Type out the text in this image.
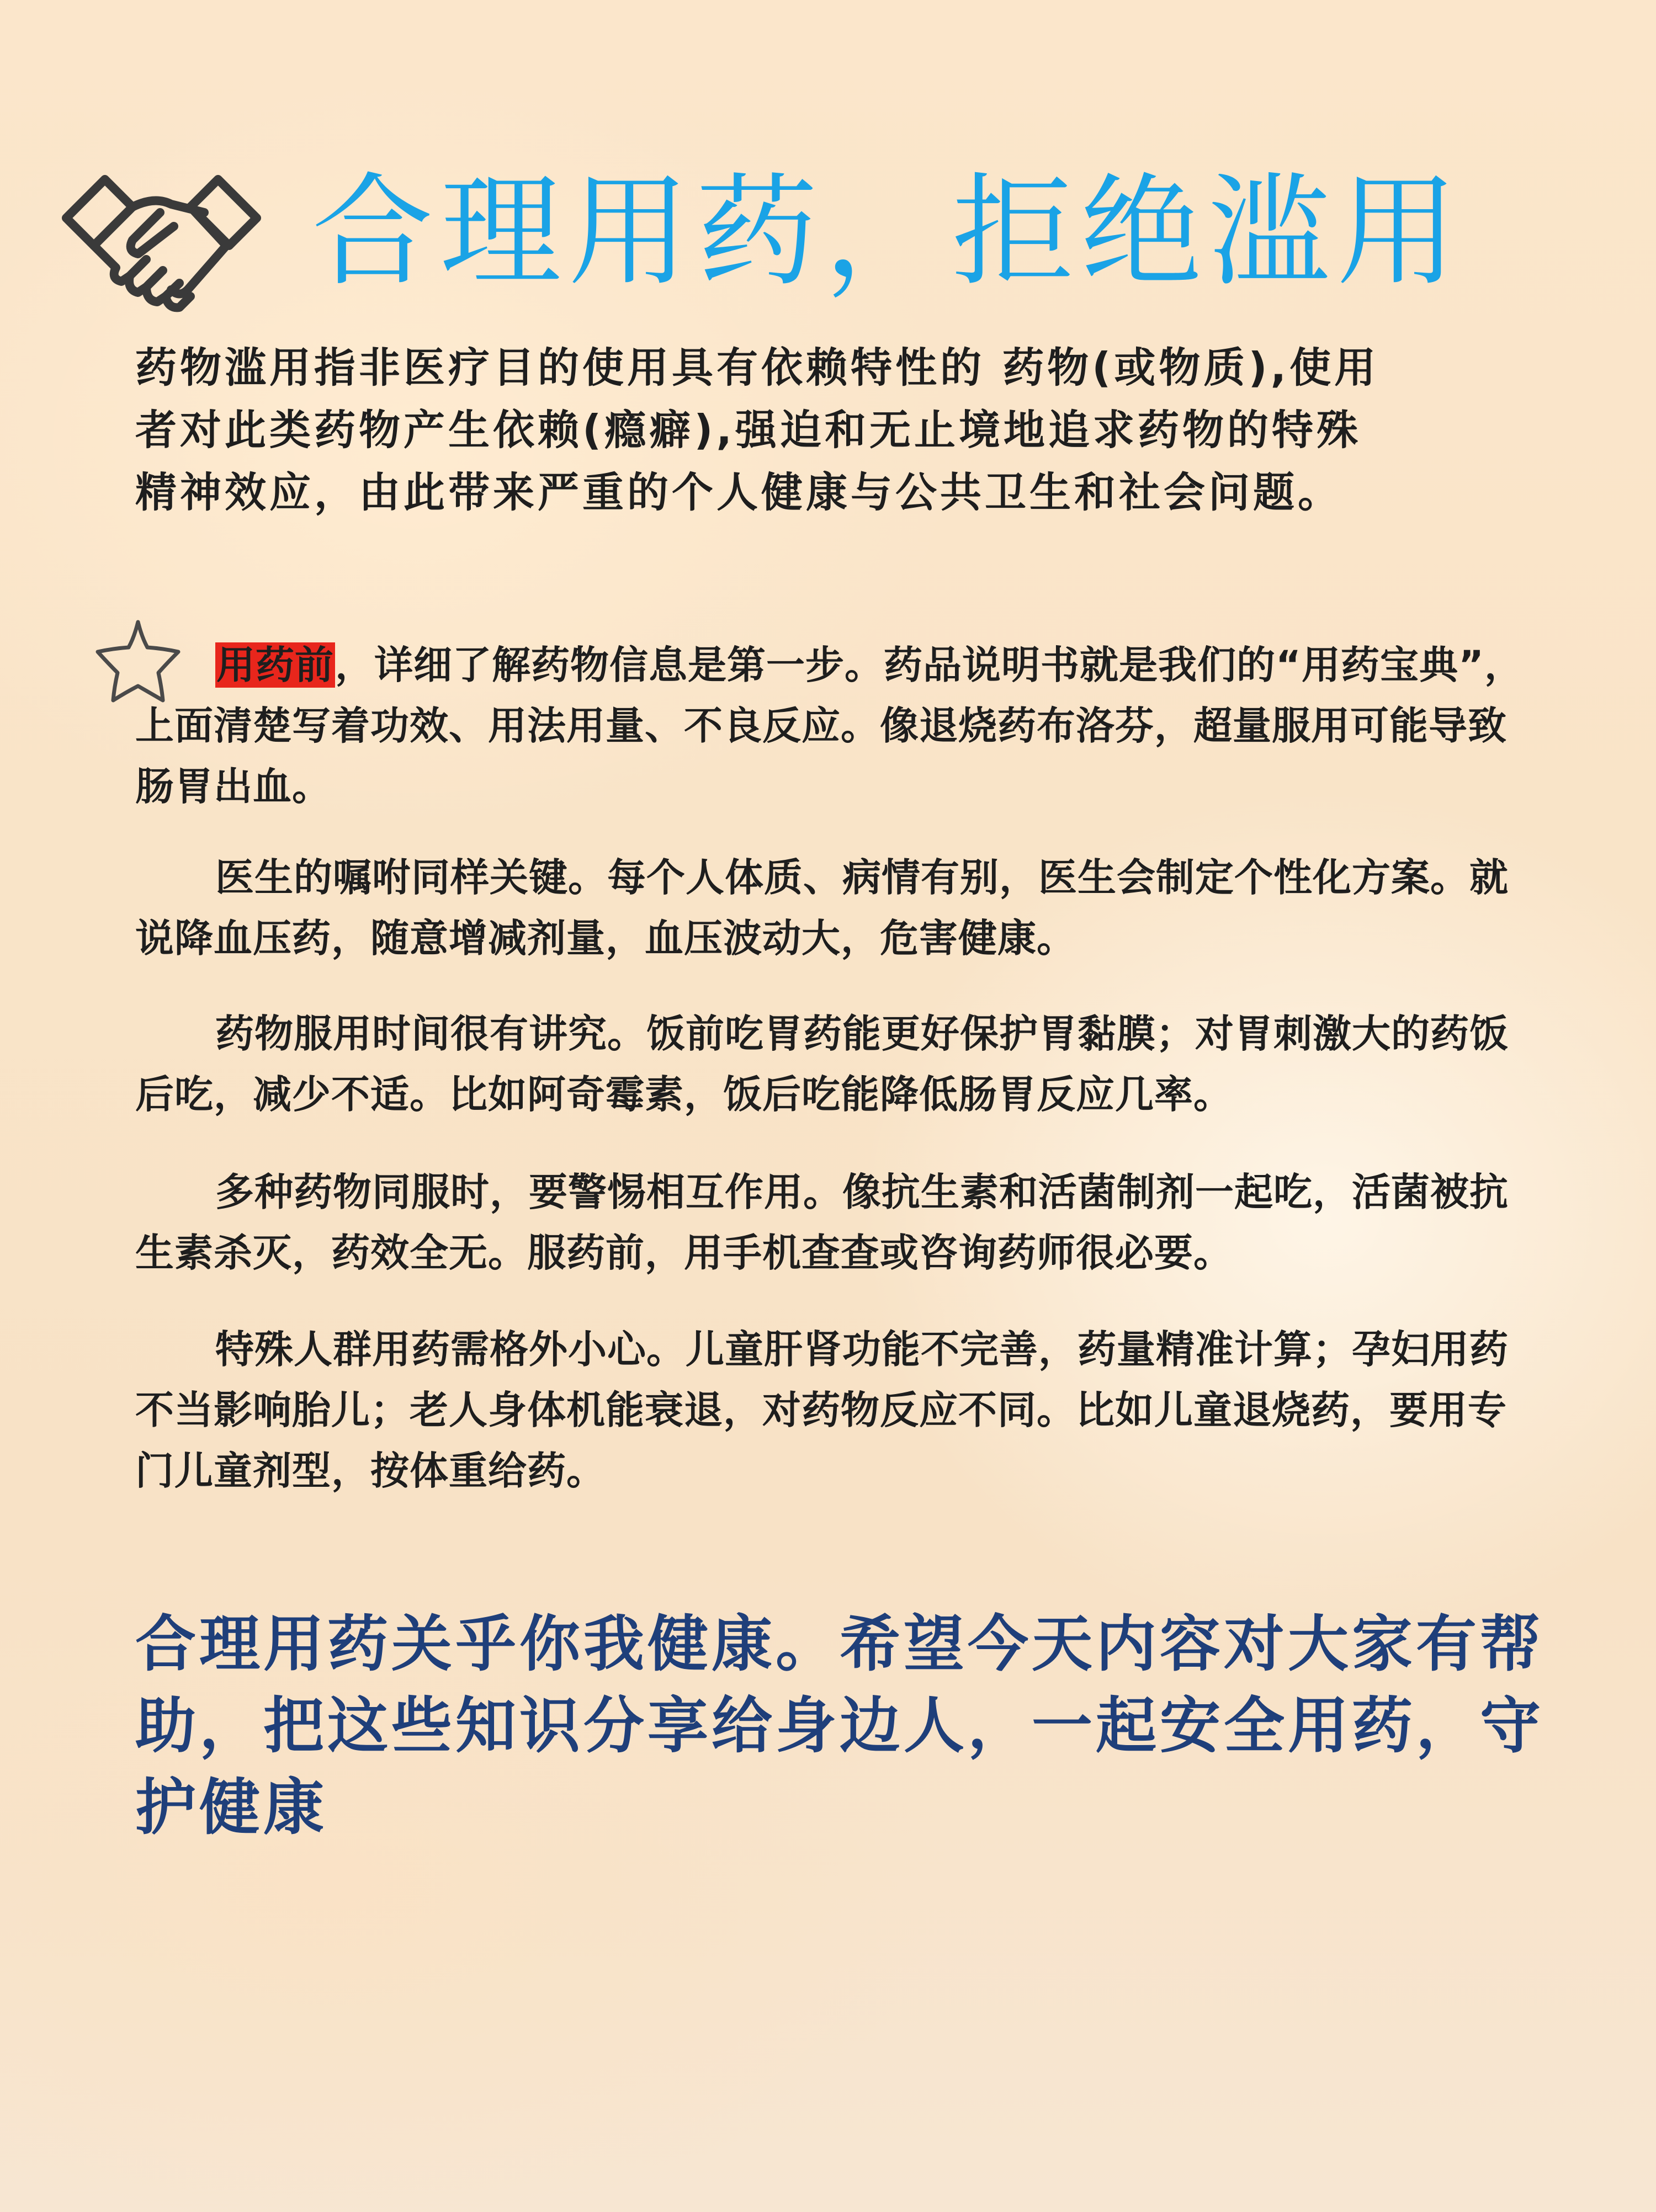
合理用药，拒绝滥用

药物滥用指非医疗目的使用具有依赖特性的 药物(或物质),使用者对此类药物产生依赖(瘾癖),强迫和无止境地追求药物的特殊精神效应，由此带来严重的个人健康与公共卫生和社会问题。

用药前，详细了解药物信息是第一步。药品说明书就是我们的“用药宝典”，上面清楚写着功效、用法用量、不良反应。像退烧药布洛芬，超量服用可能导致肠胃出血。

医生的嘱咐同样关键。每个人体质、病情有别，医生会制定个性化方案。就说降血压药，随意增减剂量，血压波动大，危害健康。

药物服用时间很有讲究。饭前吃胃药能更好保护胃黏膜；对胃刺激大的药饭后吃，减少不适。比如阿奇霉素，饭后吃能降低肠胃反应几率。

多种药物同服时，要警惕相互作用。像抗生素和活菌制剂一起吃，活菌被抗生素杀灭，药效全无。服药前，用手机查查或咨询药师很必要。

特殊人群用药需格外小心。儿童肝肾功能不完善，药量精准计算；孕妇用药不当影响胎儿；老人身体机能衰退，对药物反应不同。比如儿童退烧药，要用专门儿童剂型，按体重给药。

合理用药关乎你我健康。希望今天内容对大家有帮助，把这些知识分享给身边人，一起安全用药，守护健康
